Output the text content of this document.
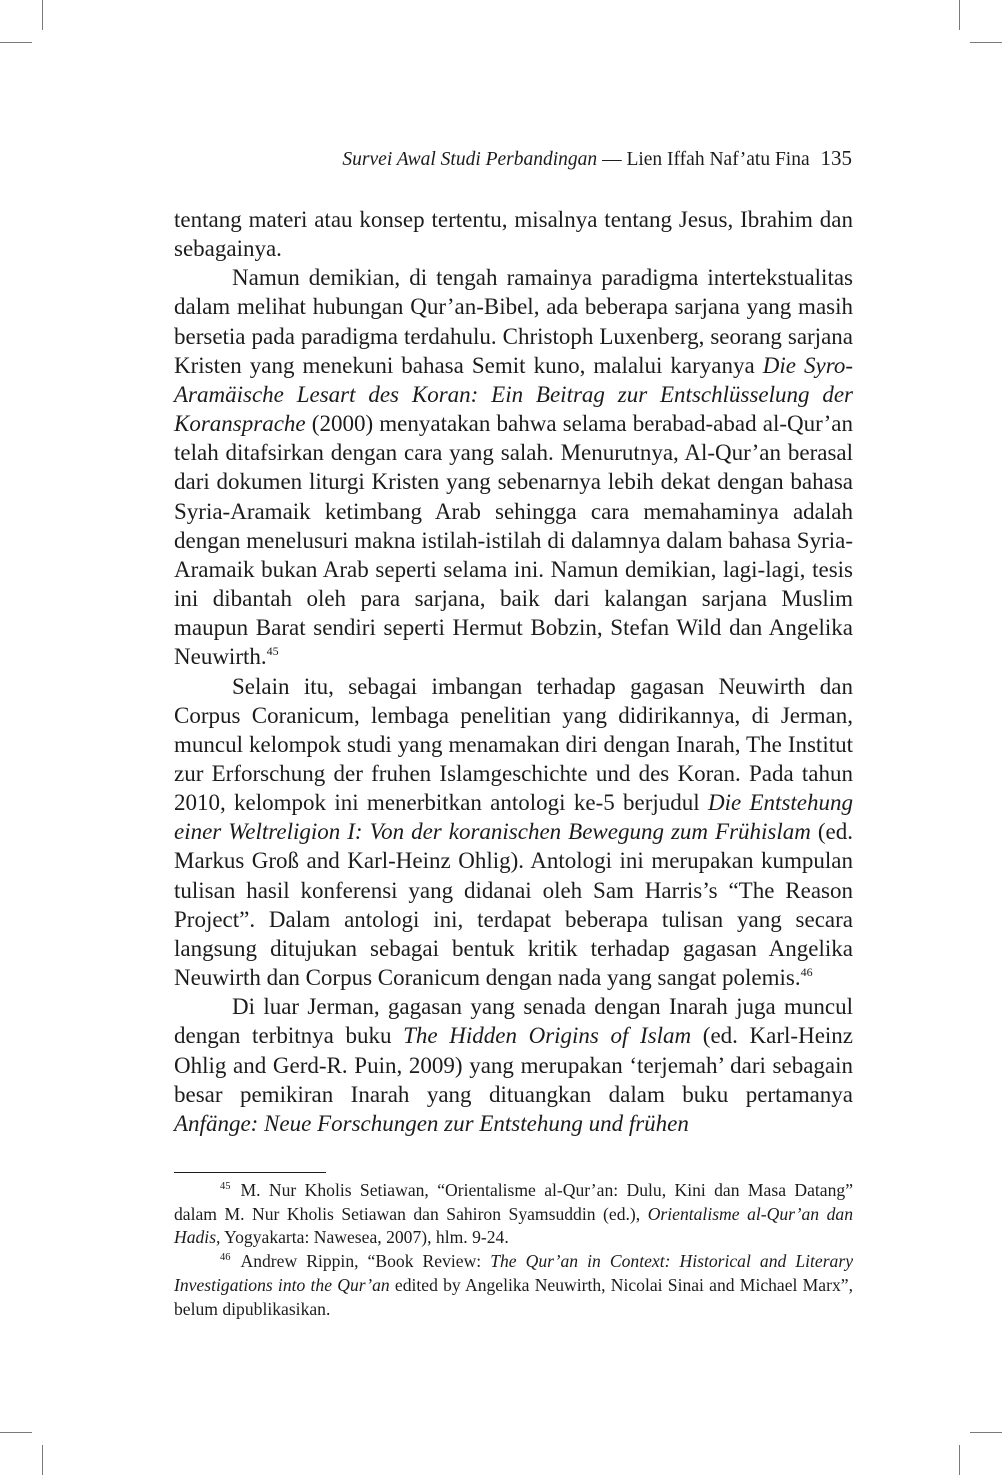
Survei Awal Studi Perbandingan — Lien Iffah Naf’atu Fina 135

tentang materi atau konsep tertentu, misalnya tentang Jesus, Ibrahim dan sebagainya.

Namun demikian, di tengah ramainya paradigma intertekstualitas dalam melihat hubungan Qur’an-Bibel, ada beberapa sarjana yang masih bersetia pada paradigma terdahulu. Christoph Luxenberg, seorang sarjana Kristen yang menekuni bahasa Semit kuno, malalui karyanya Die Syro-Aramäische Lesart des Koran: Ein Beitrag zur Entschlüsselung der Koransprache (2000) menyatakan bahwa selama berabad-abad al-Qur’an telah ditafsirkan dengan cara yang salah. Menurutnya, Al-Qur’an berasal dari dokumen liturgi Kristen yang sebenarnya lebih dekat dengan bahasa Syria-Aramaik ketimbang Arab sehingga cara memahaminya adalah dengan menelusuri makna istilah-istilah di dalamnya dalam bahasa Syria-Aramaik bukan Arab seperti selama ini. Namun demikian, lagi-lagi, tesis ini dibantah oleh para sarjana, baik dari kalangan sarjana Muslim maupun Barat sendiri seperti Hermut Bobzin, Stefan Wild dan Angelika Neuwirth.$^{45}$

Selain itu, sebagai imbangan terhadap gagasan Neuwirth dan Corpus Coranicum, lembaga penelitian yang didirikannya, di Jerman, muncul kelompok studi yang menamakan diri dengan Inarah, The Institut zur Erforschung der fruhen Islamgeschichte und des Koran. Pada tahun 2010, kelompok ini menerbitkan antologi ke-5 berjudul Die Entstehung einer Weltreligion I: Von der koranischen Bewegung zum Frühislam (ed. Markus Groß and Karl-Heinz Ohlig). Antologi ini merupakan kumpulan tulisan hasil konferensi yang didanai oleh Sam Harris’s “The Reason Project”. Dalam antologi ini, terdapat beberapa tulisan yang secara langsung ditujukan sebagai bentuk kritik terhadap gagasan Angelika Neuwirth dan Corpus Coranicum dengan nada yang sangat polemis.$^{46}$

Di luar Jerman, gagasan yang senada dengan Inarah juga muncul dengan terbitnya buku The Hidden Origins of Islam (ed. Karl-Heinz Ohlig and Gerd-R. Puin, 2009) yang merupakan ‘terjemah’ dari sebagain besar pemikiran Inarah yang dituangkan dalam buku pertamanya Anfänge: Neue Forschungen zur Entstehung und frühen

$^{45}$ M. Nur Kholis Setiawan, “Orientalisme al-Qur’an: Dulu, Kini dan Masa Datang” dalam M. Nur Kholis Setiawan dan Sahiron Syamsuddin (ed.), Orientalisme al-Qur’an dan Hadis, Yogyakarta: Nawesea, 2007), hlm. 9-24.

$^{46}$ Andrew Rippin, “Book Review: The Qur’an in Context: Historical and Literary Investigations into the Qur’an edited by Angelika Neuwirth, Nicolai Sinai and Michael Marx”, belum dipublikasikan.
